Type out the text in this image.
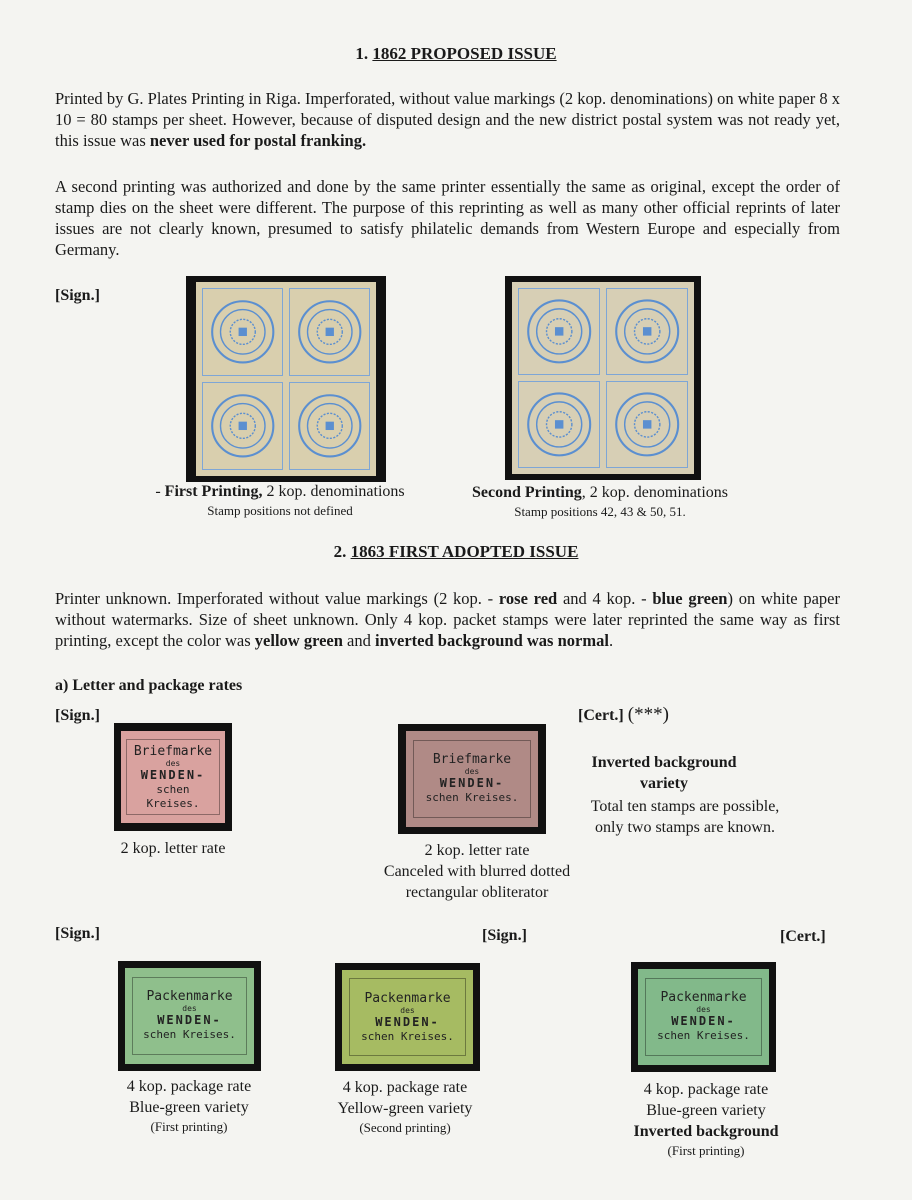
1. 1862 PROPOSED ISSUE
Printed by G. Plates Printing in Riga. Imperforated, without value markings (2 kop. denominations) on white paper 8 x 10 = 80 stamps per sheet. However, because of disputed design and the new district postal system was not ready yet, this issue was never used for postal franking.
A second printing was authorized and done by the same printer essentially the same as original, except the order of stamp dies on the sheet were different. The purpose of this reprinting as well as many other official reprints of later issues are not clearly known, presumed to satisfy philatelic demands from Western Europe and especially from Germany.
[Sign.]
- First Printing, 2 kop. denominations
Stamp positions not defined
Second Printing, 2 kop. denominations
Stamp positions 42, 43 & 50, 51.
2. 1863 FIRST ADOPTED ISSUE
Printer unknown. Imperforated without value markings (2 kop. - rose red and 4 kop. - blue green) on white paper without watermarks. Size of sheet unknown. Only 4 kop. packet stamps were later reprinted the same way as first printing, except the color was yellow green and inverted background was normal.
a) Letter and package rates
[Sign.]
Briefmarke
des
WENDEN-
schen Kreises.
2 kop. letter rate
Briefmarke
des
WENDEN-
schen Kreises.
2 kop. letter rate
Canceled with blurred dotted
rectangular obliterator
[Cert.] (***)
Inverted background
variety
Total ten stamps are possible,
only two stamps are known.
[Sign.]	[Sign.]	[Cert.]
Packenmarke
des
WENDEN-
schen Kreises.
Packenmarke
des
WENDEN-
schen Kreises.
Packenmarke
des
WENDEN-
schen Kreises.
4 kop. package rate
Blue-green variety
(First printing)
4 kop. package rate
Yellow-green variety
(Second printing)
4 kop. package rate
Blue-green variety
Inverted background
(First printing)
